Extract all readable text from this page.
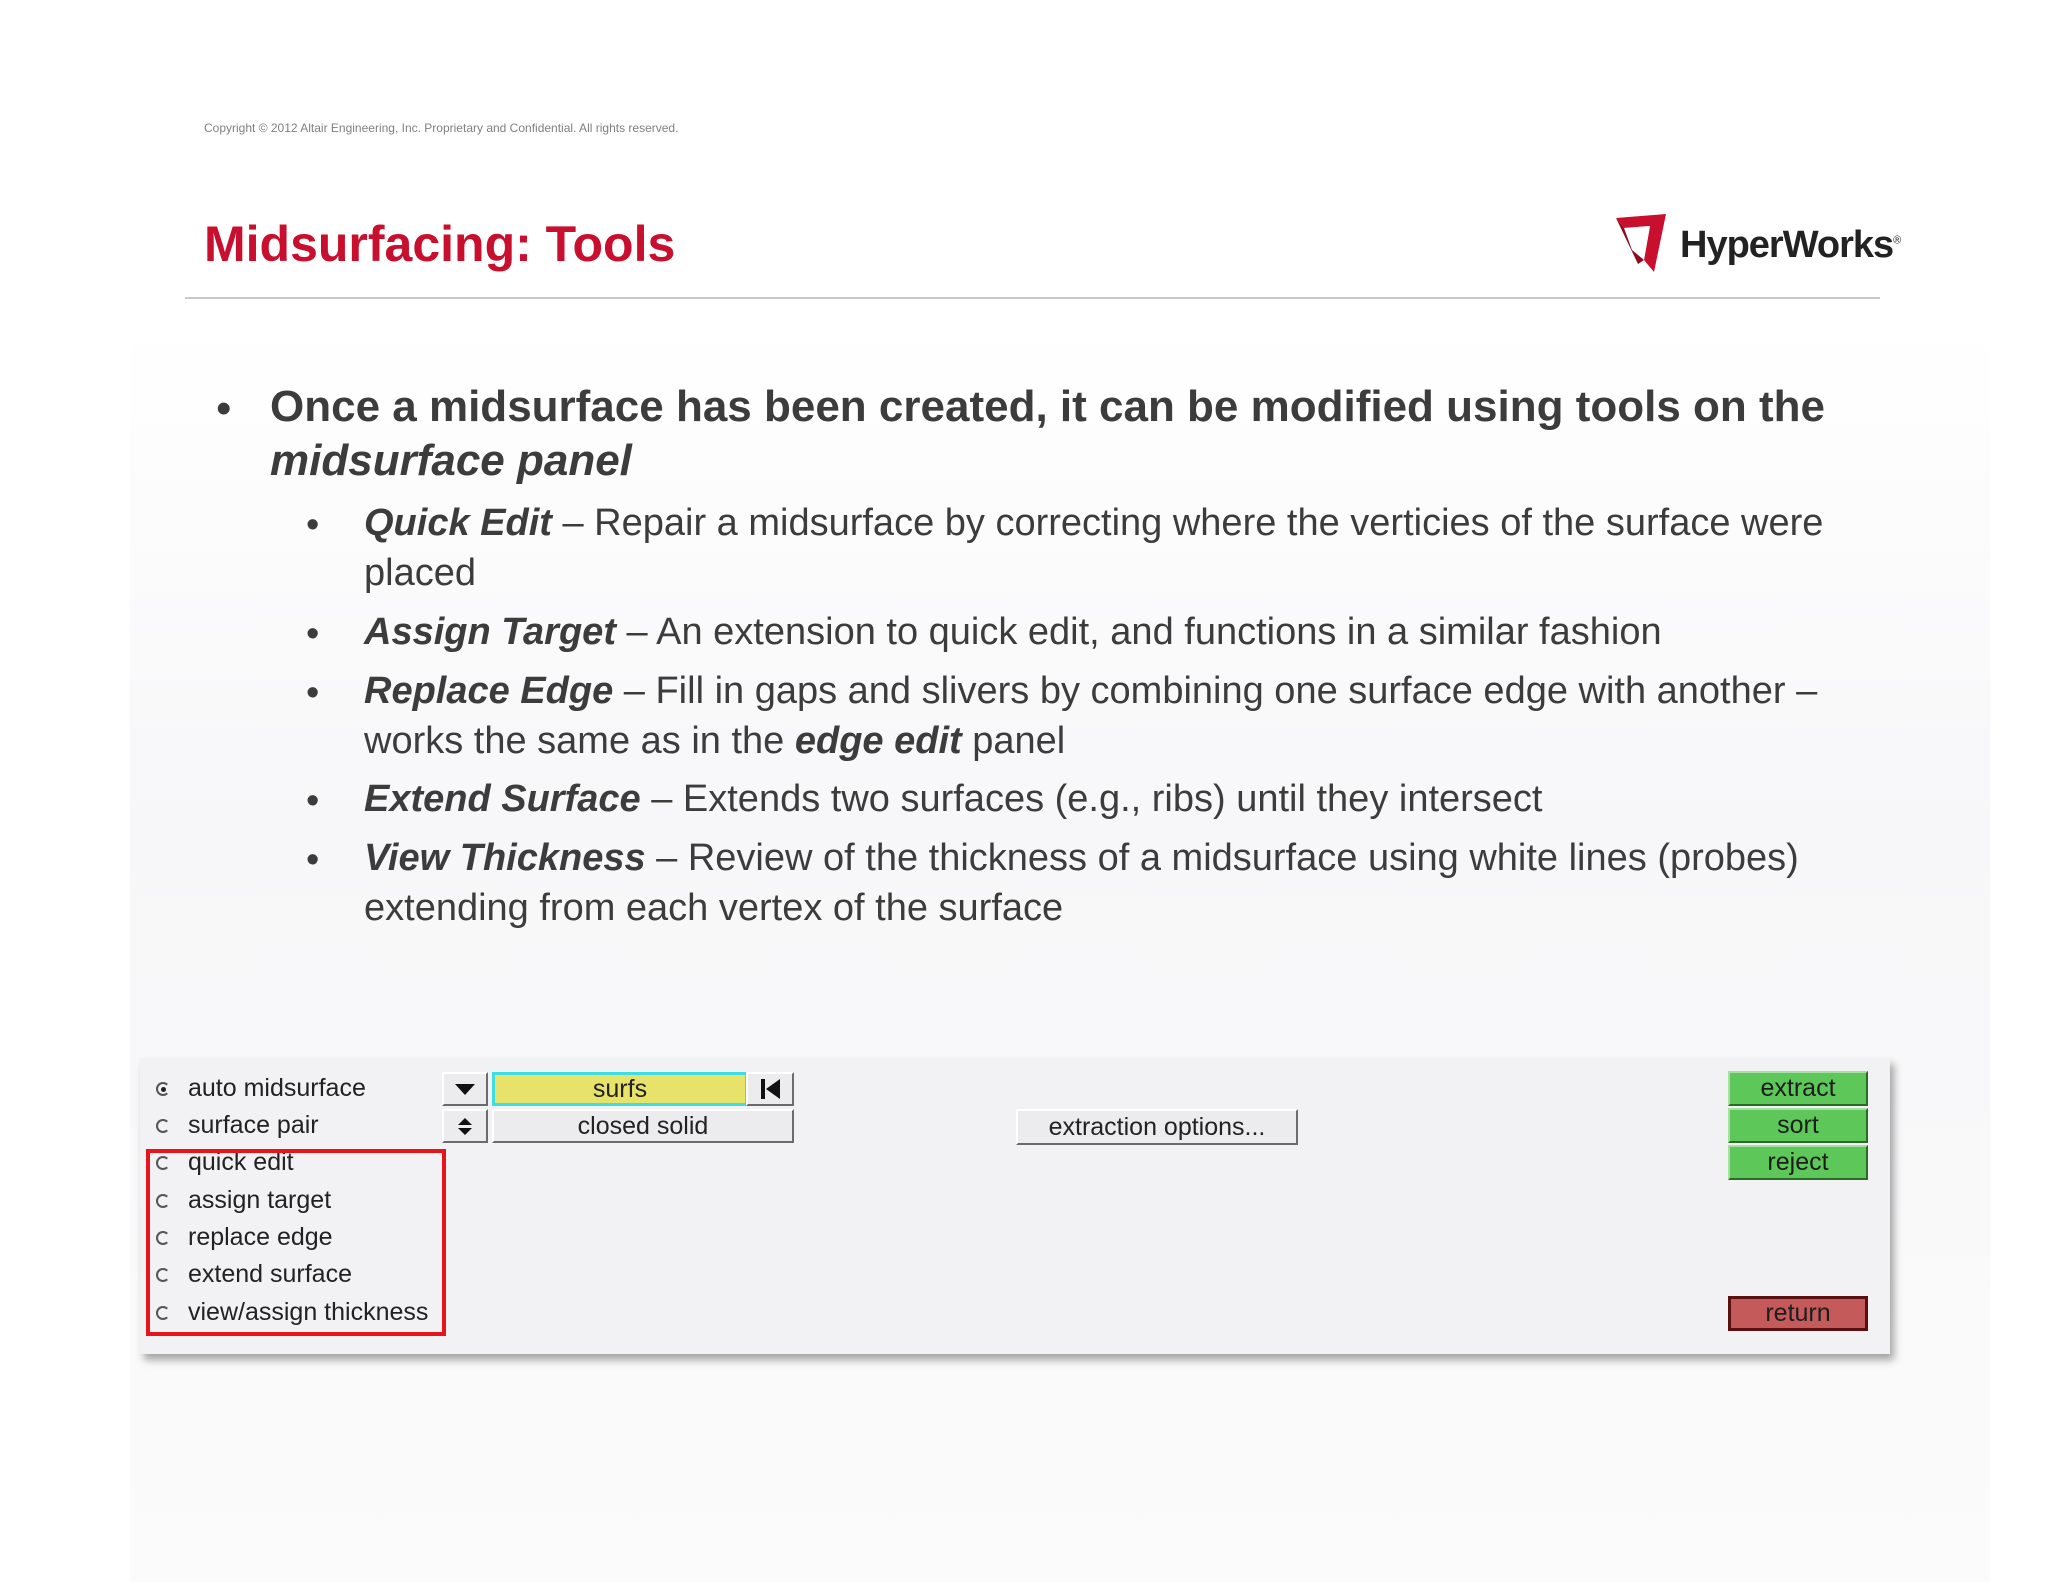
Copyright © 2012 Altair Engineering, Inc. Proprietary and Confidential. All rights reserved.
Midsurfacing: Tools	HyperWorks®
• Once a midsurface has been created, it can be modified using tools on the midsurface panel
• Quick Edit – Repair a midsurface by correcting where the verticies of the surface were placed
• Assign Target – An extension to quick edit, and functions in a similar fashion
• Replace Edge – Fill in gaps and slivers by combining one surface edge with another – works the same as in the edge edit panel
• Extend Surface – Extends two surfaces (e.g., ribs) until they intersect
• View Thickness – Review of the thickness of a midsurface using white lines (probes) extending from each vertex of the surface
auto midsurface
surface pair
quick edit
assign target
replace edge
extend surface
view/assign thickness
surfs
closed solid	extraction options...
extract
sort
reject
return
